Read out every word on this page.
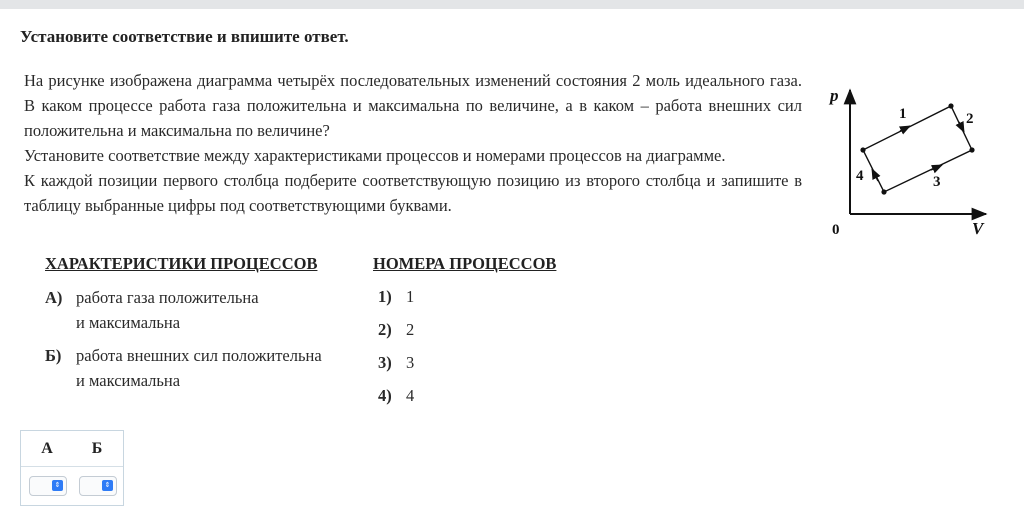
Установите соответствие и впишите ответ.

На рисунке изображена диаграмма четырёх последовательных изменений состояния 2 моль идеального газа. В каком процессе работа газа положительна и максимальна по величине, а в каком – работа внешних сил положительна и максимальна по величине?

Установите соответствие между характеристиками процессов и номерами процессов на диаграмме.

К каждой позиции первого столбца подберите соответствующую позицию из второго столбца и запишите в таблицу выбранные цифры под соответствующими буквами.

p
V
0
1	2
3
4
ХАРАКТЕРИСТИКИ ПРОЦЕССОВ	НОМЕРА ПРОЦЕССОВ
А) работа газа положительна
и максимальна
Б) работа внешних сил положительна
и максимальна
1) 1
2) 2
3) 3
4) 4
А	Б
⇕	⇕
